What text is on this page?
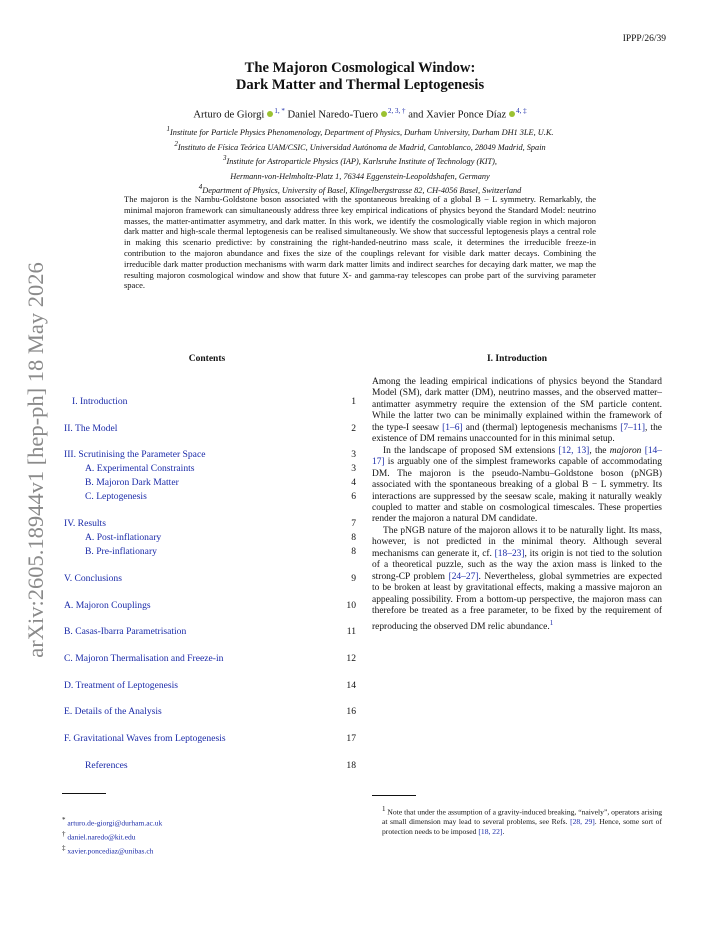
IPPP/26/39
The Majoron Cosmological Window:
Dark Matter and Thermal Leptogenesis
Arturo de Giorgi $^{1, *}$ Daniel Naredo-Tuero $^{2, 3, \dagger}$ and Xavier Ponce Díaz $^{4, \ddagger}$
$^1$Institute for Particle Physics Phenomenology, Department of Physics, Durham University, Durham DH1 3LE, U.K.
$^2$Instituto de Física Teórica UAM/CSIC, Universidad Autónoma de Madrid, Cantoblanco, 28049 Madrid, Spain
$^3$Institute for Astroparticle Physics (IAP), Karlsruhe Institute of Technology (KIT),
Hermann-von-Helmholtz-Platz 1, 76344 Eggenstein-Leopoldshafen, Germany
$^4$Department of Physics, University of Basel, Klingelbergstrasse 82, CH-4056 Basel, Switzerland
The majoron is the Nambu-Goldstone boson associated with the spontaneous breaking of a global B − L symmetry. Remarkably, the minimal majoron framework can simultaneously address three key empirical indications of physics beyond the Standard Model: neutrino masses, the matter-antimatter asymmetry, and dark matter. In this work, we identify the cosmologically viable region in which majoron dark matter and high-scale thermal leptogenesis can be realised simultaneously. We show that successful leptogenesis plays a central role in making this scenario predictive: by constraining the right-handed-neutrino mass scale, it determines the irreducible freeze-in contribution to the majoron abundance and fixes the size of the couplings relevant for visible dark matter decays. Combining the irreducible dark matter production mechanisms with warm dark matter limits and indirect searches for decaying dark matter, we map the resulting majoron cosmological window and show that future X- and gamma-ray telescopes can probe part of the surviving parameter space.
arXiv:2605.18944v1 [hep-ph] 18 May 2026	Contents
I. Introduction	1
II. The Model	2
III. Scrutinising the Parameter Space	3
A. Experimental Constraints	3
B. Majoron Dark Matter	4
C. Leptogenesis	6
IV. Results	7
A. Post-inflationary	8
B. Pre-inflationary	8
V. Conclusions	9
A. Majoron Couplings	10
B. Casas-Ibarra Parametrisation	11
C. Majoron Thermalisation and Freeze-in	12
D. Treatment of Leptogenesis	14
E. Details of the Analysis	16
F. Gravitational Waves from Leptogenesis	17
References	18
I. Introduction

Among the leading empirical indications of physics beyond the Standard Model (SM), dark matter (DM), neutrino masses, and the observed matter–antimatter asymmetry require the extension of the SM particle content. While the latter two can be minimally explained within the framework of the type-I seesaw [1–6] and (thermal) leptogenesis mechanisms [7–11], the existence of DM remains unaccounted for in this minimal setup.

In the landscape of proposed SM extensions [12, 13], the majoron [14–17] is arguably one of the simplest frameworks capable of accommodating DM. The majoron is the pseudo-Nambu–Goldstone boson (pNGB) associated with the spontaneous breaking of a global B − L symmetry. Its interactions are suppressed by the seesaw scale, making it naturally weakly coupled to matter and stable on cosmological timescales. These properties render the majoron a natural DM candidate.

The pNGB nature of the majoron allows it to be naturally light. Its mass, however, is not predicted in the minimal theory. Although several mechanisms can generate it, cf. [18–23], its origin is not tied to the solution of a theoretical puzzle, such as the way the axion mass is linked to the strong-CP problem [24–27]. Nevertheless, global symmetries are expected to be broken at least by gravitational effects, making a massive majoron an appealing possibility. From a bottom-up perspective, the majoron mass can therefore be treated as a free parameter, to be fixed by the requirement of reproducing the observed DM relic abundance.$^1$

* arturo.de-giorgi@durham.ac.uk
† daniel.naredo@kit.edu
‡ xavier.poncediaz@unibas.ch
$^1$ Note that under the assumption of a gravity-induced breaking, “naively”, operators arising at small dimension may lead to several problems, see Refs. [28, 29]. Hence, some sort of protection needs to be imposed [18, 22].
